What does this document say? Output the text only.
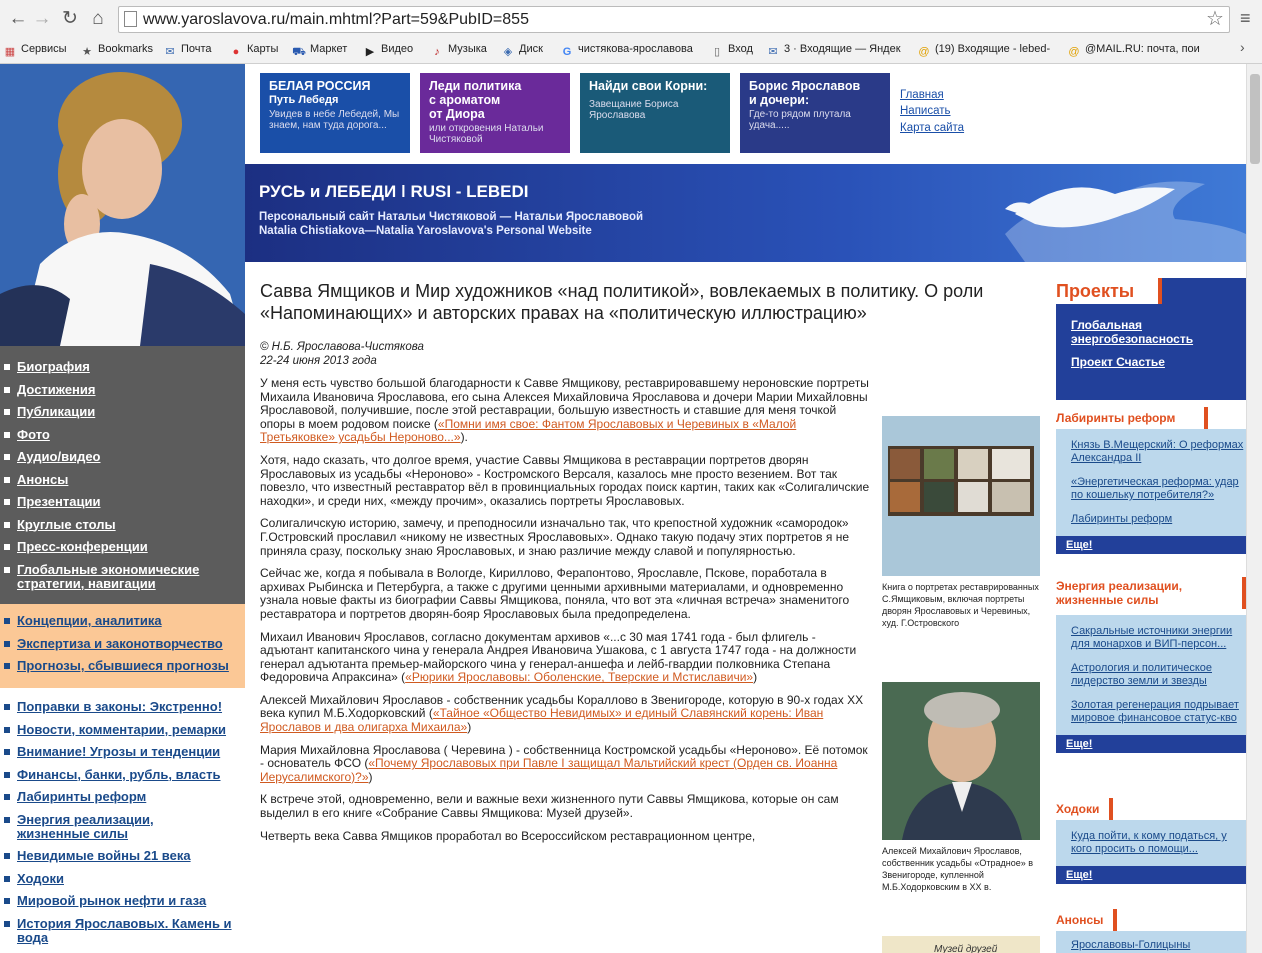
← → ↻ ⌂	www.yaroslavova.ru/main.mhtml?Part=59&PubID=855	☆ ≡
▦ Сервисы ★ Bookmarks ✉ Почта	● Карты ⛟ Маркет ▶ Видео	♪ Музыка ◈ Диск G чистякова-ярославова	▯ Вход ✉ 3 · Входящие — Яндек @ (19) Входящие - lebed- @ @MAIL.RU: почта, пои	›
БЕЛАЯ РОССИЯ
Путь Лебедя
Увидев в небе Лебедей, Мы знаем, нам туда дорога...
Леди политика
с ароматом
от Диора
или откровения Натальи Чистяковой
Найди свои Корни:
Завещание Бориса Ярославова
Борис Ярославов
и дочери:
Где-то рядом плутала удача.....
Главная
Написать
Карта сайта
РУСЬ и ЛЕБЕДИ ǀ RUSI - LEBEDI
Персональный сайт Натальи Чистяковой — Натальи Ярославовой
Natalia Chistiakova—Natalia Yaroslavova's Personal Website
Биография
Достижения
Публикации
Фото
Аудио/видео
Анонсы
Презентации
Круглые столы
Пресс-конференции
Глобальные экономические стратегии, навигации
Концепции, аналитика
Экспертиза и законотворчество
Прогнозы, сбывшиеся прогнозы
Поправки в законы: Экстренно!
Новости, комментарии, ремарки
Внимание! Угрозы и тенденции
Финансы, банки, рубль, власть
Лабиринты реформ
Энергия реализации, жизненные силы
Невидимые войны 21 века
Ходоки
Мировой рынок нефти и газа
История Ярославовых. Камень и вода
Савва Ямщиков и Мир художников «над политикой», вовлекаемых в политику. О роли «Напоминающих» и авторских правах на «политическую иллюстрацию»
© Н.Б. Ярославова-Чистякова
22-24 июня 2013 года

У меня есть чувство большой благодарности к Савве Ямщикову, реставрировавшему нероновские портреты Михаила Ивановича Ярославова, его сына Алексея Михайловича Ярославова и дочери Марии Михайловны Ярославовой, получившие, после этой реставрации, большую известность и ставшие для меня точкой опоры в моем родовом поиске («Помни имя свое: Фантом Ярославовых и Черевиных в «Малой Третьяковке» усадьбы Нероново...»).

Хотя, надо сказать, что долгое время, участие Саввы Ямщикова в реставрации портретов дворян Ярославовых из усадьбы «Нероново» - Костромского Версаля, казалось мне просто везением. Вот так повезло, что известный реставратор вёл в провинциальных городах поиск картин, таких как «Солигаличские находки», и среди них, «между прочим», оказались портреты Ярославовых.

Солигаличскую историю, замечу, и преподносили изначально так, что крепостной художник «самородок» Г.Островский прославил «никому не известных Ярославовых». Однако такую подачу этих портретов я не приняла сразу, поскольку знаю Ярославовых, и знаю различие между славой и популярностью.

Сейчас же, когда я побывала в Вологде, Кириллово, Ферапонтово, Ярославле, Пскове, поработала в архивах Рыбинска и Петербурга, а также с другими ценными архивными материалами, и одновременно узнала новые факты из биографии Саввы Ямщикова, поняла, что вот эта «личная встреча» знаменитого реставратора и портретов дворян-бояр Ярославовых была предопределена.

Михаил Иванович Ярославов, согласно документам архивов «...с 30 мая 1741 года - был флигель - адъютант капитанского чина у генерала Андрея Ивановича Ушакова, с 1 августа 1747 года - на должности генерал адъютанта премьер-майорского чина у генерал-аншефа и лейб-гвардии полковника Степана Федоровича Апраксина» («Рюрики Ярославовы: Оболенские, Тверские и Мстиславичи»)

Алексей Михайлович Ярославов - собственник усадьбы Кораллово в Звенигороде, которую в 90-х годах ХХ века купил М.Б.Ходорковский («Тайное «Общество Невидимых» и единый Славянский корень: Иван Ярославов и два олигарха Михаила»)

Мария Михайловна Ярославова ( Черевина ) - собственница Костромской усадьбы «Нероново». Её потомок - основатель ФСО («Почему Ярославовых при Павле I защищал Мальтийский крест (Орден св. Иоанна Иерусалимского)?»)

К встрече этой, одновременно, вели и важные вехи жизненного пути Саввы Ямщикова, которые он сам выделил в его книге «Собрание Саввы Ямщикова: Музей друзей».

Четверть века Савва Ямщиков проработал во Всероссийском реставрационном центре,

Книга о портретах реставрированных С.Ямщиковым, включая портреты дворян Ярославовых и Черевиных, худ. Г.Островского
Алексей Михайлович Ярославов, собственник усадьбы «Отрадное» в Звенигороде, купленной М.Б.Ходорковским в ХХ в.
Музей друзей
Проекты
Глобальная энергобезопасность
Проект Счастье
Лабиринты реформ
Князь В.Мещерский: О реформах Александра II
«Энергетическая реформа: удар по кошельку потребителя?»
Лабиринты реформ
Еще!
Энергия реализации, жизненные силы
Сакральные источники энергии для монархов и ВИП-персон...
Астрология и политическое лидерство земли и звезды
Золотая регенерация подрывает мировое финансовое статус-кво
Еще!
Ходоки
Куда пойти, к кому податься, у кого просить о помощи...
Еще!
Анонсы
Ярославовы-Голицыны
